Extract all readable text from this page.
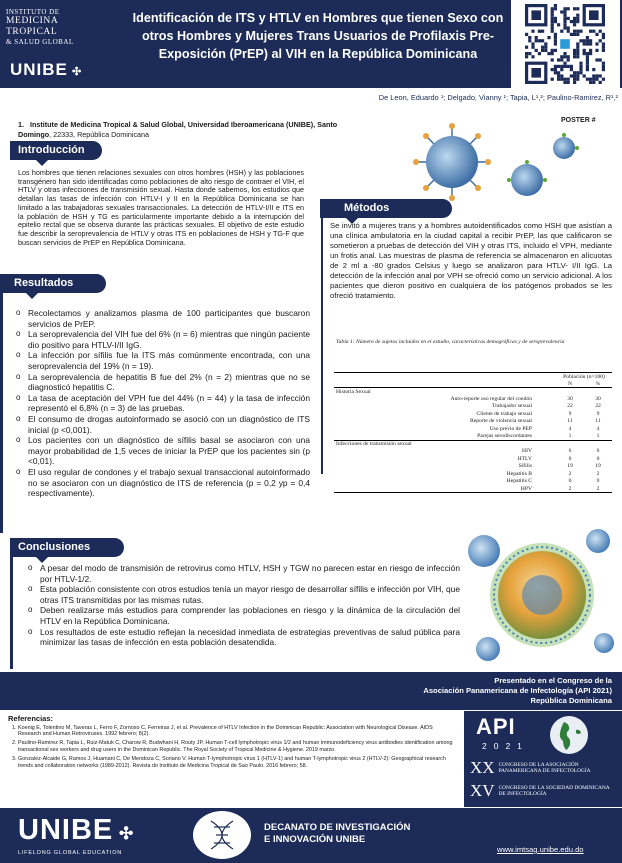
INSTITUTO DE
MEDICINA
TROPICAL
& SALUD GLOBAL
UNIBE ✣
Identificación de ITS y HTLV en Hombres que tienen Sexo con otros Hombres y Mujeres Trans Usuarios de Profilaxis Pre-Exposición (PrEP) al VIH en la República Dominicana
De Leon, Eduardo ¹; Delgado, Vianny ¹; Tapia, L¹,²; Paulino-Ramirez, R¹,²
1. Institute de Medicina Tropical & Salud Global, Universidad Iberoamericana (UNIBE), Santo Domingo, 22333, República Dominicana
POSTER #
Introducción
Los hombres que tienen relaciones sexuales con otros hombres (HSH) y las poblaciones transgénero han sido identificadas como poblaciones de alto riesgo de contraer el VIH, el HTLV y otras infecciones de transmisión sexual. Hasta donde sabemos, los estudios que detallan las tasas de infección con HTLV-I y II en la República Dominicana se han limitado a las trabajadoras sexuales transaccionales. La detección de HTLV-I/II e ITS en la población de HSH y TG es particularmente importante debido a la interrupción del epitelio rectal que se observa durante las prácticas sexuales. El objetivo de este estudio fue describir la seroprevalencia de HTLV y otras ITS en poblaciones de HSH y TG-F que buscan servicios de PrEP en República Dominicana.
Métodos
Se invitó a mujeres trans y a hombres autoidentificados como HSH que asistían a una clínica ambulatoria en la ciudad capital a recibir PrEP, las que calificaron se sometieron a pruebas de detección del VIH y otras ITS, incluido el VPH, mediante un frotis anal. Las muestras de plasma de referencia se almacenaron en alícuotas de 2 ml a -80 grados Celsius y luego se analizaron para HTLV- I/II IgG. La detección de la infección anal por VPH se ofreció como un servicio adicional. A los pacientes que dieron positivo en cualquiera de los patógenos probados se les ofreció tratamiento.
Tabla 1: Número de sujetos incluidos en el estudio, características demográficas y de seroprevalencia
	Población (n=100)	
	N	%
Historia Sexual		
Auto-reporte uso regular del condón	30	30
Trabajador sexual	22	22
Cliente de trabajo sexual	9	9
Reporte de violencia sexual	11	11
Uso previo de PEP	4	4
Parejas serodiscordantes	1	1
Infecciones de transmisión sexual		
HIV	6	6
HTLV	0	0
Sífilis	19	19
Hepatitis B	2	2
Hepatitis C	0	0
HPV	2	2
Resultados
o Recolectamos y analizamos plasma de 100 participantes que buscaron servicios de PrEP.
o La seroprevalencia del VIH fue del 6% (n = 6) mientras que ningún paciente dio positivo para HTLV-I/II IgG.
o La infección por sífilis fue la ITS más comúnmente encontrada, con una seroprevalencia del 19% (n = 19).
o La seroprevalencia de hepatitis B fue del 2% (n = 2) mientras que no se diagnosticó hepatitis C.
o La tasa de aceptación del VPH fue del 44% (n = 44) y la tasa de infección representó el 6,8% (n = 3) de las pruebas.
o El consumo de drogas autoinformado se asoció con un diagnóstico de ITS inicial (p <0,001).
o Los pacientes con un diagnóstico de sífilis basal se asociaron con una mayor probabilidad de 1,5 veces de iniciar la PrEP que los pacientes sin (p <0,01).
o El uso regular de condones y el trabajo sexual transaccional autoinformado no se asociaron con un diagnóstico de ITS de referencia (p = 0,2 yp = 0,4 respectivamente).
Conclusiones
o A pesar del modo de transmisión de retrovirus como HTLV, HSH y TGW no parecen estar en riesgo de infección por HTLV-1/2.
o Esta población consistente con otros estudios tenía un mayor riesgo de desarrollar sífilis e infección por VIH, que otras ITS transmitidas por las mismas rutas.
o Deben realizarse más estudios para comprender las poblaciones en riesgo y la dinámica de la circulación del HTLV en la República Dominicana.
o Los resultados de este estudio reflejan la necesidad inmediata de estrategias preventivas de salud pública para minimizar las tasas de infección en esta población desatendida.
Presentado en el Congreso de la
Asociación Panamericana de Infectología (API 2021)
República Dominicana
Referencias:
1. Koenig E, Tolentino M, Taveras L, Ferro F, Zornoso C, Ferreiras J, et al. Prevalence of HTLV Infection in the Dominican Republic: Association with Neurological Disease. AIDS Research and Human Retroviruses. 1992 febrero; 8(2).
2. Paulino-Ramirez R, Tapia L, Ruiz-Matuk C, Charow R, Budwhani H, Routy JP. Human T-cell lymphotropic virus 1/2 and human immunodeficiency virus antibodies identification among transactional sex workers and drug users in the Dominican Republic. The Royal Society of Tropical Medicine & Hygiene. 2019 marzo.
3. Gonzalez-Alcaide G, Ramos J, Huamani C, De Mendoza C, Soriano V. Human T-lymphotropic virus 1 (HTLV-1) and human T-lymphotropic virus 2 (HTLV-2): Geographical research trends and collaboration networks (1989-2012). Revista do Instituto de Medicina Tropical de Sao Paulo. 2016 febrero; 58.
API
2021
XX CONGRESO DE LA ASOCIACIÓN PANAMERICANA DE INFECTOLOGÍA
XV CONGRESO DE LA SOCIEDAD DOMINICANA DE INFECTOLOGÍA
UNIBE ✣
LIFELONG GLOBAL EDUCATION
DECANATO DE INVESTIGACIÓN
E INNOVACIÓN UNIBE
www.imtsag.unibe.edu.do
